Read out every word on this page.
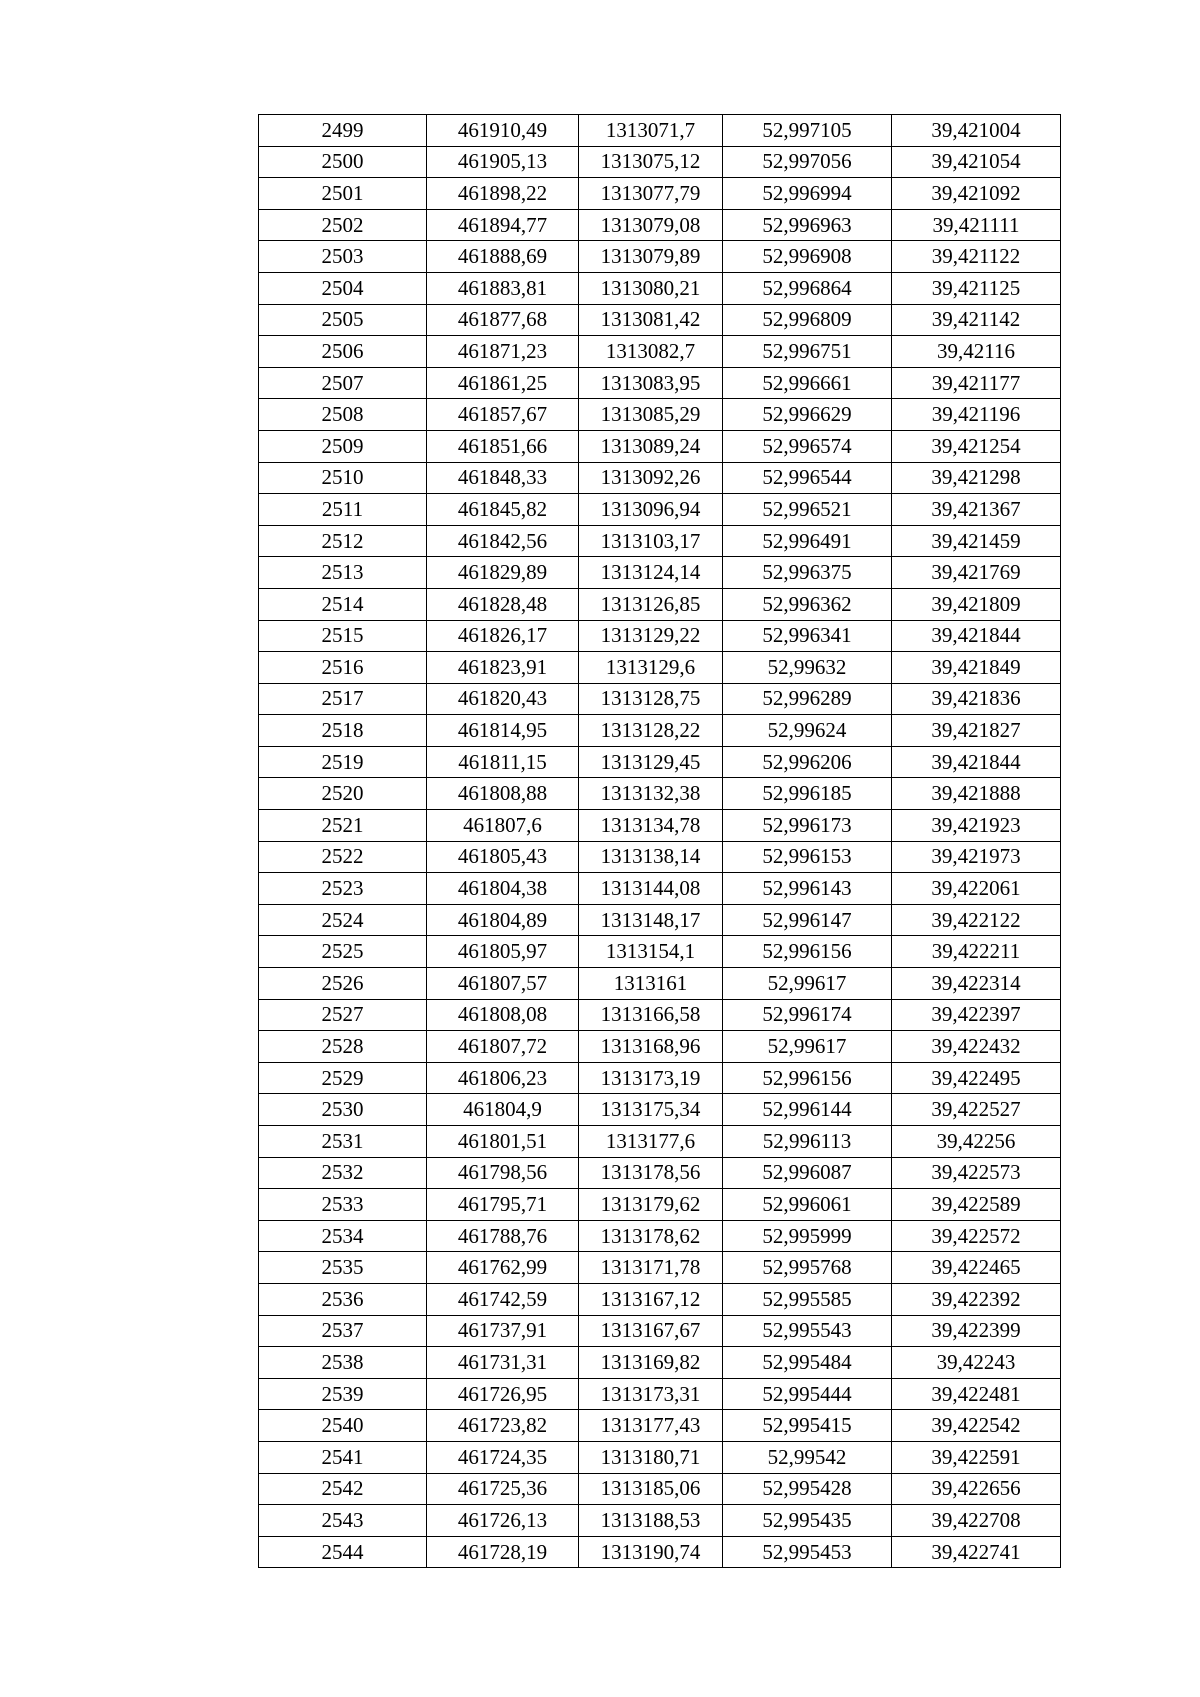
2499	461910,49	1313071,7	52,997105	39,421004
2500	461905,13	1313075,12	52,997056	39,421054
2501	461898,22	1313077,79	52,996994	39,421092
2502	461894,77	1313079,08	52,996963	39,421111
2503	461888,69	1313079,89	52,996908	39,421122
2504	461883,81	1313080,21	52,996864	39,421125
2505	461877,68	1313081,42	52,996809	39,421142
2506	461871,23	1313082,7	52,996751	39,42116
2507	461861,25	1313083,95	52,996661	39,421177
2508	461857,67	1313085,29	52,996629	39,421196
2509	461851,66	1313089,24	52,996574	39,421254
2510	461848,33	1313092,26	52,996544	39,421298
2511	461845,82	1313096,94	52,996521	39,421367
2512	461842,56	1313103,17	52,996491	39,421459
2513	461829,89	1313124,14	52,996375	39,421769
2514	461828,48	1313126,85	52,996362	39,421809
2515	461826,17	1313129,22	52,996341	39,421844
2516	461823,91	1313129,6	52,99632	39,421849
2517	461820,43	1313128,75	52,996289	39,421836
2518	461814,95	1313128,22	52,99624	39,421827
2519	461811,15	1313129,45	52,996206	39,421844
2520	461808,88	1313132,38	52,996185	39,421888
2521	461807,6	1313134,78	52,996173	39,421923
2522	461805,43	1313138,14	52,996153	39,421973
2523	461804,38	1313144,08	52,996143	39,422061
2524	461804,89	1313148,17	52,996147	39,422122
2525	461805,97	1313154,1	52,996156	39,422211
2526	461807,57	1313161	52,99617	39,422314
2527	461808,08	1313166,58	52,996174	39,422397
2528	461807,72	1313168,96	52,99617	39,422432
2529	461806,23	1313173,19	52,996156	39,422495
2530	461804,9	1313175,34	52,996144	39,422527
2531	461801,51	1313177,6	52,996113	39,42256
2532	461798,56	1313178,56	52,996087	39,422573
2533	461795,71	1313179,62	52,996061	39,422589
2534	461788,76	1313178,62	52,995999	39,422572
2535	461762,99	1313171,78	52,995768	39,422465
2536	461742,59	1313167,12	52,995585	39,422392
2537	461737,91	1313167,67	52,995543	39,422399
2538	461731,31	1313169,82	52,995484	39,42243
2539	461726,95	1313173,31	52,995444	39,422481
2540	461723,82	1313177,43	52,995415	39,422542
2541	461724,35	1313180,71	52,99542	39,422591
2542	461725,36	1313185,06	52,995428	39,422656
2543	461726,13	1313188,53	52,995435	39,422708
2544	461728,19	1313190,74	52,995453	39,422741
